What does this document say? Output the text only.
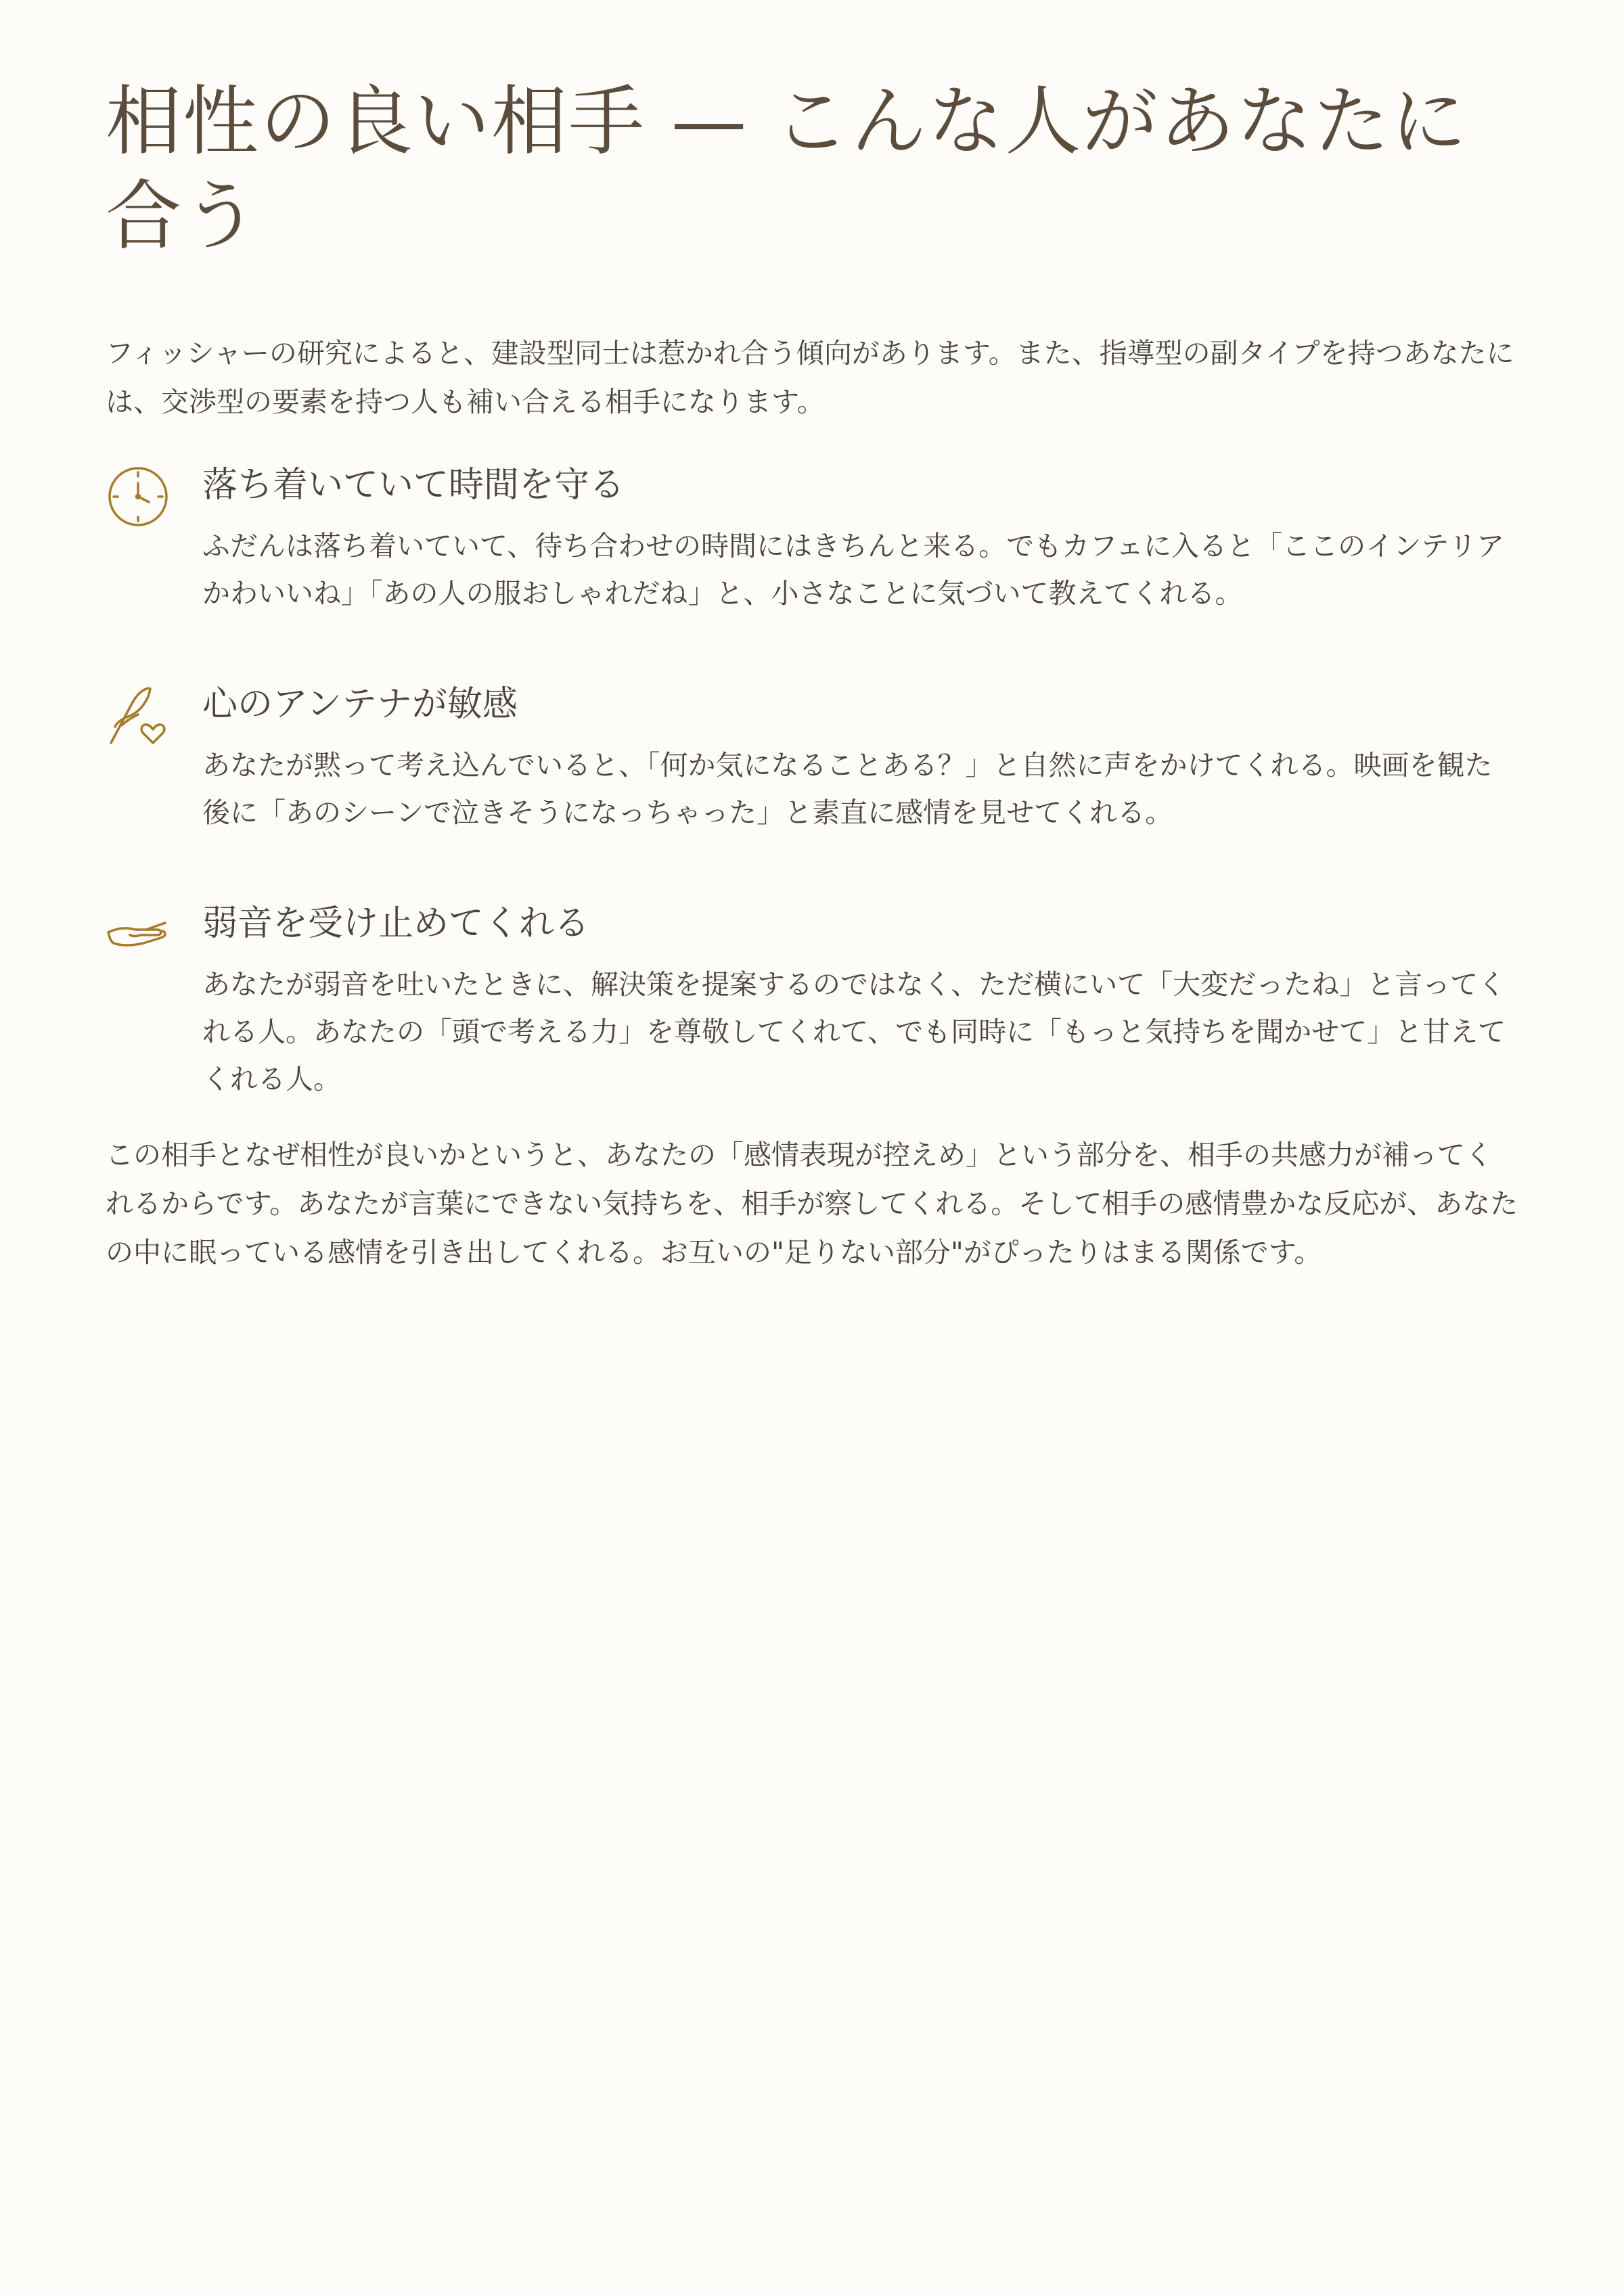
相性の良い相手 — こんな人があなたに合う

フィッシャーの研究によると、建設型同士は惹かれ合う傾向があります。また、指導型の副タイプを持つあなたには、交渉型の要素を持つ人も補い合える相手になります。

落ち着いていて時間を守る

ふだんは落ち着いていて、待ち合わせの時間にはきちんと来る。でもカフェに入ると「ここのインテリアかわいいね」「あの人の服おしゃれだね」と、小さなことに気づいて教えてくれる。

心のアンテナが敏感

あなたが黙って考え込んでいると、「何か気になることある？」と自然に声をかけてくれる。映画を観た後に「あのシーンで泣きそうになっちゃった」と素直に感情を見せてくれる。

弱音を受け止めてくれる

あなたが弱音を吐いたときに、解決策を提案するのではなく、ただ横にいて「大変だったね」と言ってくれる人。あなたの「頭で考える力」を尊敬してくれて、でも同時に「もっと気持ちを聞かせて」と甘えてくれる人。

この相手となぜ相性が良いかというと、あなたの「感情表現が控えめ」という部分を、相手の共感力が補ってくれるからです。あなたが言葉にできない気持ちを、相手が察してくれる。そして相手の感情豊かな反応が、あなたの中に眠っている感情を引き出してくれる。お互いの"足りない部分"がぴったりはまる関係です。
